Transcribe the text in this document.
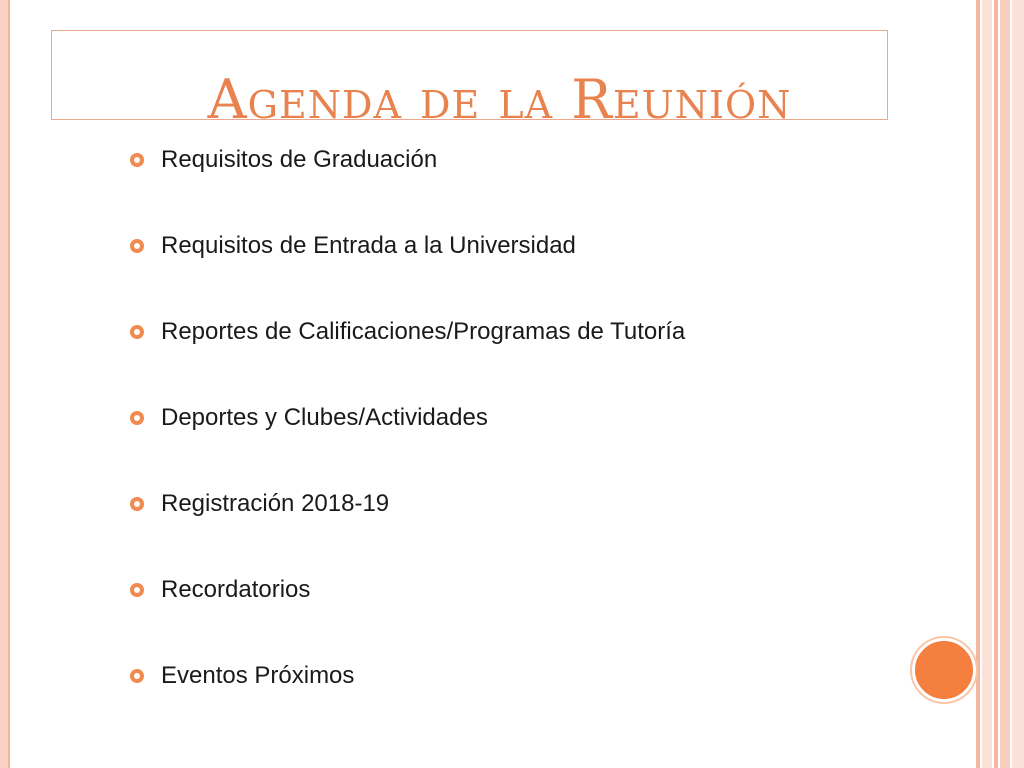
Agenda de la Reunión
Requisitos de Graduación
Requisitos de Entrada a la Universidad
Reportes de Calificaciones/Programas de Tutoría
Deportes y Clubes/Actividades
Registración 2018-19
Recordatorios
Eventos Próximos
